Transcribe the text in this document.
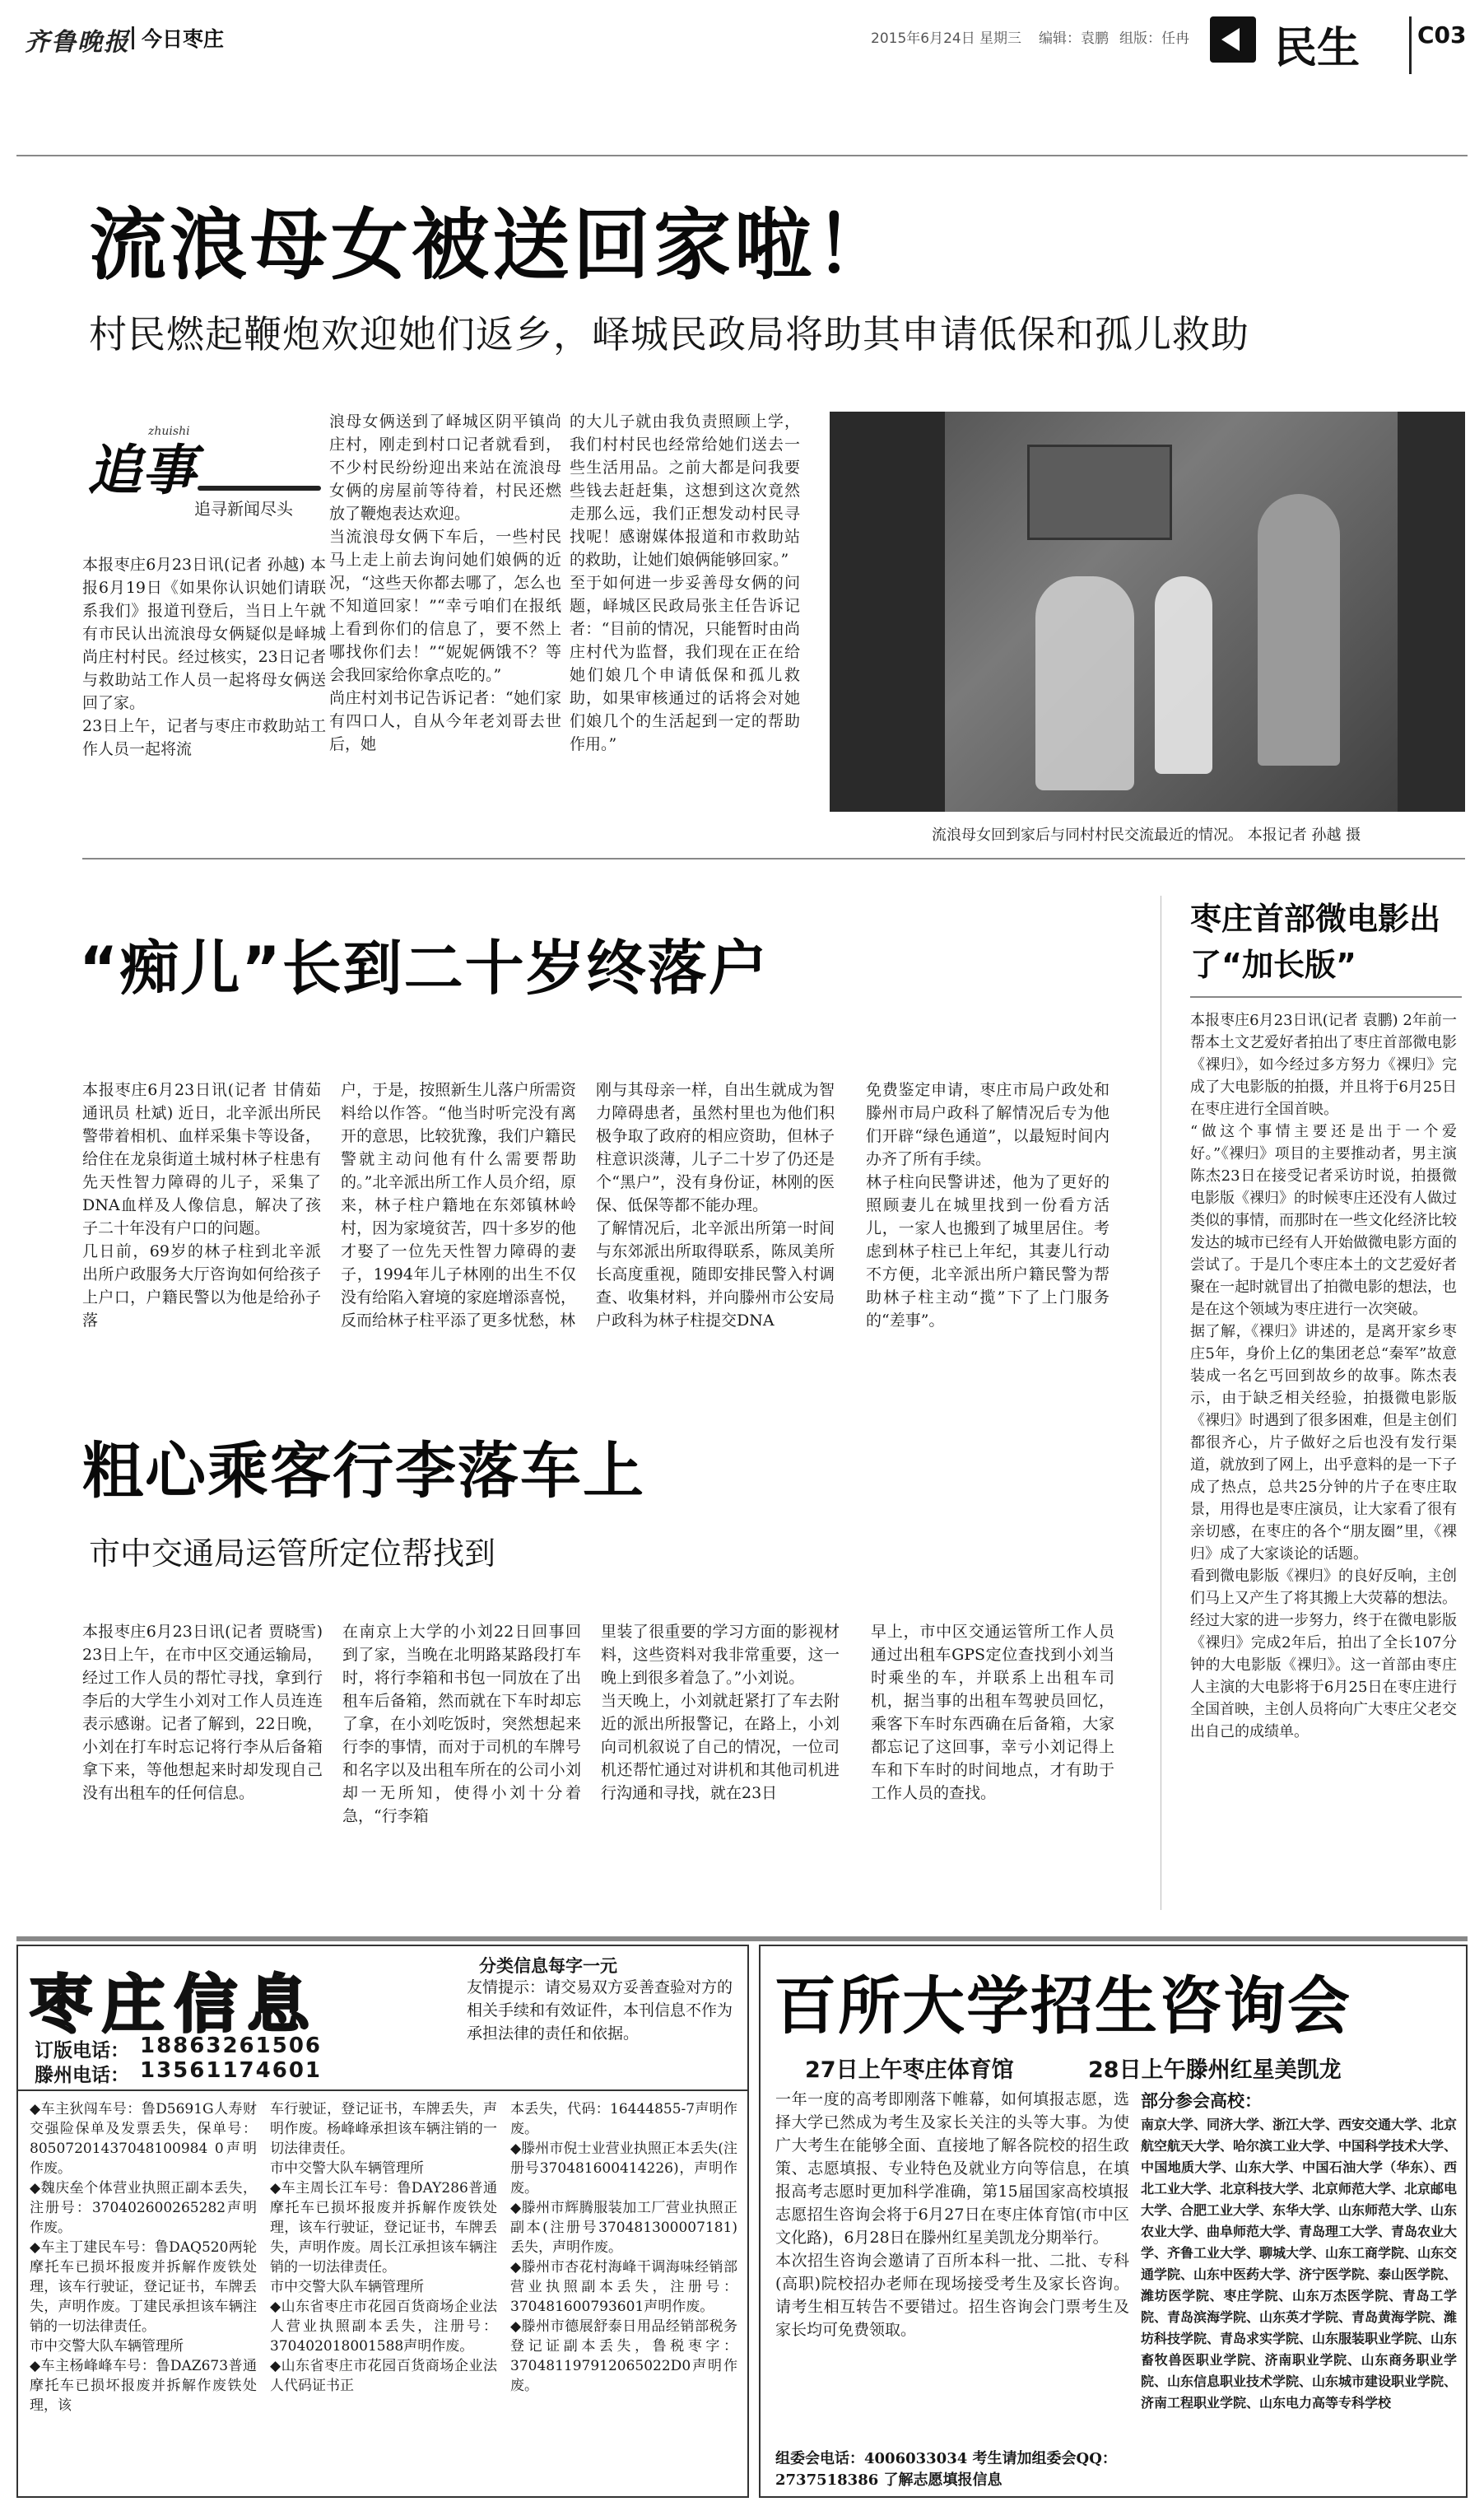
齐鲁晚报 今日枣庄	2015年6月24日 星期三 编辑：袁鹏 组版：任冉 民生 C03
流浪母女被送回家啦！
村民燃起鞭炮欢迎她们返乡，峄城民政局将助其申请低保和孤儿救助
zhuishi
追事
追寻新闻尽头
本报枣庄6月23日讯(记者 孙越) 本报6月19日《如果你认识她们请联系我们》报道刊登后，当日上午就有市民认出流浪母女俩疑似是峄城尚庄村村民。经过核实，23日记者与救助站工作人员一起将母女俩送回了家。
23日上午，记者与枣庄市救助站工作人员一起将流
浪母女俩送到了峄城区阴平镇尚庄村，刚走到村口记者就看到，不少村民纷纷迎出来站在流浪母女俩的房屋前等待着，村民还燃放了鞭炮表达欢迎。
当流浪母女俩下车后，一些村民马上走上前去询问她们娘俩的近况，“这些天你都去哪了，怎么也不知道回家！”“幸亏咱们在报纸上看到你们的信息了，要不然上哪找你们去！”“妮妮俩饿不？等会我回家给你拿点吃的。”
尚庄村刘书记告诉记者：“她们家有四口人，自从今年老刘哥去世后，她
的大儿子就由我负责照顾上学，我们村村民也经常给她们送去一些生活用品。之前大都是问我要些钱去赶赶集，这想到这次竟然走那么远，我们正想发动村民寻找呢！感谢媒体报道和市救助站的救助，让她们娘俩能够回家。”
至于如何进一步妥善母女俩的问题，峄城区民政局张主任告诉记者：“目前的情况，只能暂时由尚庄村代为监督，我们现在正在给她们娘几个申请低保和孤儿救助，如果审核通过的话将会对她们娘几个的生活起到一定的帮助作用。”
流浪母女回到家后与同村村民交流最近的情况。 本报记者 孙越 摄
“痴儿”长到二十岁终落户
本报枣庄6月23日讯(记者 甘倩茹 通讯员 杜斌) 近日，北辛派出所民警带着相机、血样采集卡等设备，给住在龙泉街道土城村林子柱患有先天性智力障碍的儿子，采集了DNA血样及人像信息，解决了孩子二十年没有户口的问题。
几日前，69岁的林子柱到北辛派出所户政服务大厅咨询如何给孩子上户口，户籍民警以为他是给孙子落
户，于是，按照新生儿落户所需资料给以作答。“他当时听完没有离开的意思，比较犹豫，我们户籍民警就主动问他有什么需要帮助的。”北辛派出所工作人员介绍，原来，林子柱户籍地在东郊镇林岭村，因为家境贫苦，四十多岁的他才娶了一位先天性智力障碍的妻子，1994年儿子林刚的出生不仅没有给陷入窘境的家庭增添喜悦，反而给林子柱平添了更多忧愁，林
刚与其母亲一样，自出生就成为智力障碍患者，虽然村里也为他们积极争取了政府的相应资助，但林子柱意识淡薄，儿子二十岁了仍还是个“黑户”，没有身份证，林刚的医保、低保等都不能办理。
了解情况后，北辛派出所第一时间与东郊派出所取得联系，陈凤美所长高度重视，随即安排民警入村调查、收集材料，并向滕州市公安局户政科为林子柱提交DNA
免费鉴定申请，枣庄市局户政处和滕州市局户政科了解情况后专为他们开辟“绿色通道”，以最短时间内办齐了所有手续。
林子柱向民警讲述，他为了更好的照顾妻儿在城里找到一份看方活儿，一家人也搬到了城里居住。考虑到林子柱已上年纪，其妻儿行动不方便，北辛派出所户籍民警为帮助林子柱主动“揽”下了上门服务的“差事”。
枣庄首部微电影出了“加长版”
本报枣庄6月23日讯(记者 袁鹏) 2年前一帮本土文艺爱好者拍出了枣庄首部微电影《裸归》，如今经过多方努力《裸归》完成了大电影版的拍摄，并且将于6月25日在枣庄进行全国首映。
“做这个事情主要还是出于一个爱好。”《裸归》项目的主要推动者，男主演陈杰23日在接受记者采访时说，拍摄微电影版《裸归》的时候枣庄还没有人做过类似的事情，而那时在一些文化经济比较发达的城市已经有人开始做微电影方面的尝试了。于是几个枣庄本土的文艺爱好者聚在一起时就冒出了拍微电影的想法，也是在这个领域为枣庄进行一次突破。
据了解，《裸归》讲述的，是离开家乡枣庄5年，身价上亿的集团老总“秦军”故意装成一名乞丐回到故乡的故事。陈杰表示，由于缺乏相关经验，拍摄微电影版《裸归》时遇到了很多困难，但是主创们都很齐心，片子做好之后也没有发行渠道，就放到了网上，出乎意料的是一下子成了热点，总共25分钟的片子在枣庄取景，用得也是枣庄演员，让大家看了很有亲切感，在枣庄的各个“朋友圈”里，《裸归》成了大家谈论的话题。
看到微电影版《裸归》的良好反响，主创们马上又产生了将其搬上大荧幕的想法。经过大家的进一步努力，终于在微电影版《裸归》完成2年后，拍出了全长107分钟的大电影版《裸归》。这一首部由枣庄人主演的大电影将于6月25日在枣庄进行全国首映，主创人员将向广大枣庄父老交出自己的成绩单。
粗心乘客行李落车上
市中交通局运管所定位帮找到
本报枣庄6月23日讯(记者 贾晓雪) 23日上午，在市中区交通运输局，经过工作人员的帮忙寻找，拿到行李后的大学生小刘对工作人员连连表示感谢。记者了解到，22日晚，小刘在打车时忘记将行李从后备箱拿下来，等他想起来时却发现自己没有出租车的任何信息。
在南京上大学的小刘22日回事回到了家，当晚在北明路某路段打车时，将行李箱和书包一同放在了出租车后备箱，然而就在下车时却忘了拿，在小刘吃饭时，突然想起来行李的事情，而对于司机的车牌号和名字以及出租车所在的公司小刘却一无所知，使得小刘十分着急，“行李箱
里装了很重要的学习方面的影视材料，这些资料对我非常重要，这一晚上到很多着急了。”小刘说。
当天晚上，小刘就赶紧打了车去附近的派出所报警记，在路上，小刘向司机叙说了自己的情况，一位司机还帮忙通过对讲机和其他司机进行沟通和寻找，就在23日
早上，市中区交通运管所工作人员通过出租车GPS定位查找到小刘当时乘坐的车，并联系上出租车司机，据当事的出租车驾驶员回忆，乘客下车时东西确在后备箱，大家都忘记了这回事，幸亏小刘记得上车和下车时的时间地点，才有助于工作人员的查找。
枣庄信息
订版电话： 18863261506
滕州电话： 13561174601
分类信息每字一元
友情提示：请交易双方妥善查验对方的相关手续和有效证件，本刊信息不作为承担法律的责任和依据。
◆车主狄闯车号：鲁D5691G人寿财交强险保单及发票丢失，保单号：80507201437048100984 0声明作废。
◆魏庆垒个体营业执照正副本丢失，注册号：370402600265282声明作废。
◆车主丁建民车号：鲁DAQ520两轮摩托车已损坏报废并拆解作废铁处理，该车行驶证，登记证书，车牌丢失，声明作废。丁建民承担该车辆注销的一切法律责任。
市中交警大队车辆管理所
◆车主杨峰峰车号：鲁DAZ673普通摩托车已损坏报废并拆解作废铁处理，该
车行驶证，登记证书，车牌丢失，声明作废。杨峰峰承担该车辆注销的一切法律责任。
市中交警大队车辆管理所
◆车主周长江车号：鲁DAY286普通摩托车已损坏报废并拆解作废铁处理，该车行驶证，登记证书，车牌丢失，声明作废。周长江承担该车辆注销的一切法律责任。
市中交警大队车辆管理所
◆山东省枣庄市花园百货商场企业法人营业执照副本丢失，注册号：370402018001588声明作废。
◆山东省枣庄市花园百货商场企业法人代码证书正
本丢失，代码：16444855-7声明作废。
◆滕州市倪士业营业执照正本丢失(注册号370481600414226)，声明作废。
◆滕州市辉腾服装加工厂营业执照正副本(注册号370481300007181)丢失，声明作废。
◆滕州市杏花村海峰干调海味经销部营业执照副本丢失，注册号：370481600793601声明作废。
◆滕州市德展舒泰日用品经销部税务登记证副本丢失，鲁税枣字：370481197912065022D0声明作废。
百所大学招生咨询会
27日上午枣庄体育馆	28日上午滕州红星美凯龙
一年一度的高考即刚落下帷幕，如何填报志愿，选择大学已然成为考生及家长关注的头等大事。为使广大考生在能够全面、直接地了解各院校的招生政策、志愿填报、专业特色及就业方向等信息，在填报高考志愿时更加科学准确，第15届国家高校填报志愿招生咨询会将于6月27日在枣庄体育馆(市中区文化路)，6月28日在滕州红星美凯龙分期举行。
本次招生咨询会邀请了百所本科一批、二批、专科(高职)院校招办老师在现场接受考生及家长咨询。请考生相互转告不要错过。招生咨询会门票考生及家长均可免费领取。
组委会电话：4006033034 考生请加组委会QQ：2737518386 了解志愿填报信息
部分参会高校：
南京大学、同济大学、浙江大学、西安交通大学、北京航空航天大学、哈尔滨工业大学、中国科学技术大学、中国地质大学、山东大学、中国石油大学（华东）、西北工业大学、北京科技大学、北京师范大学、北京邮电大学、合肥工业大学、东华大学、山东师范大学、山东农业大学、曲阜师范大学、青岛理工大学、青岛农业大学、齐鲁工业大学、聊城大学、山东工商学院、山东交通学院、山东中医药大学、济宁医学院、泰山医学院、潍坊医学院、枣庄学院、山东万杰医学院、青岛工学院、青岛滨海学院、山东英才学院、青岛黄海学院、潍坊科技学院、青岛求实学院、山东服装职业学院、山东畜牧兽医职业学院、济南职业学院、山东商务职业学院、山东信息职业技术学院、山东城市建设职业学院、济南工程职业学院、山东电力高等专科学校
